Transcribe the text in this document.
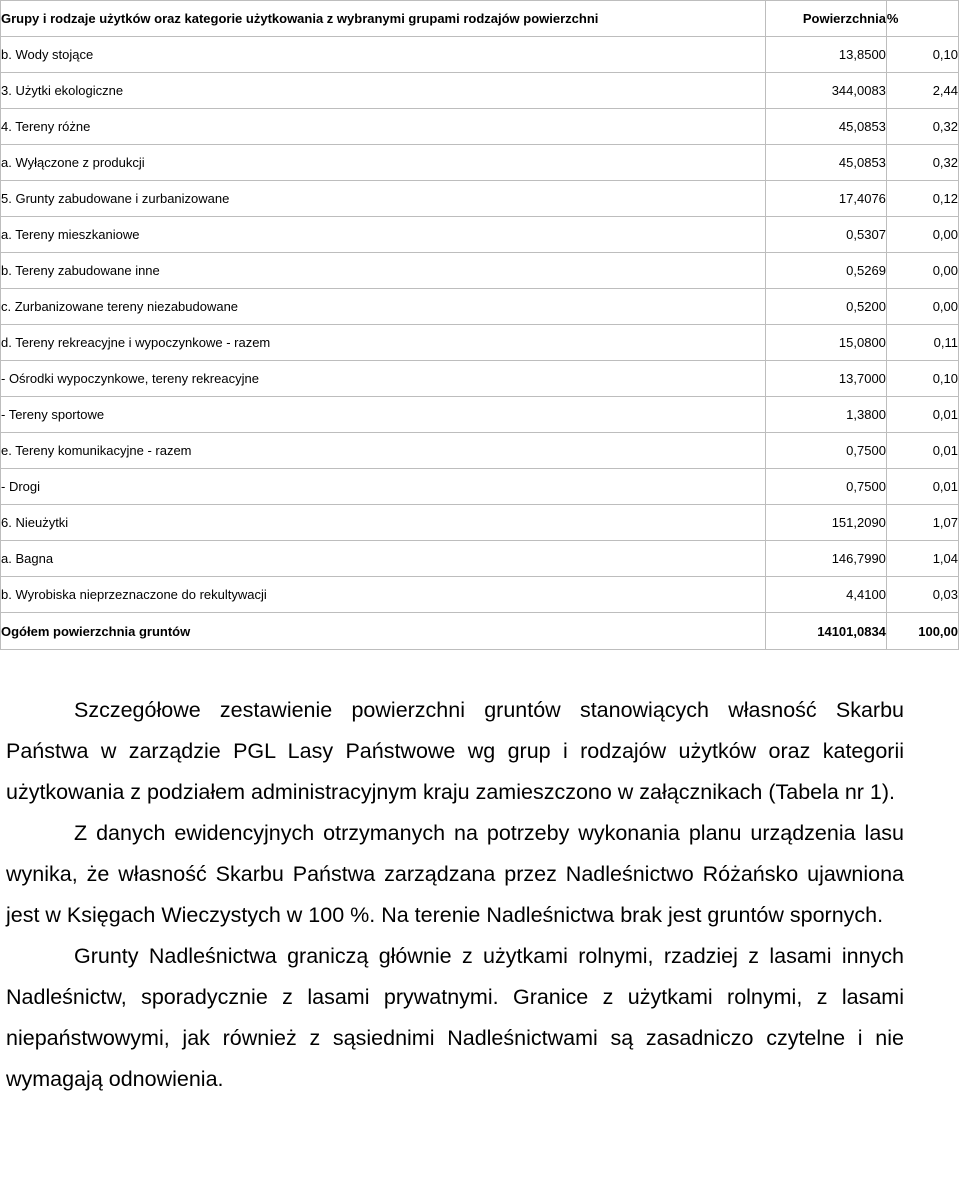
Grupy i rodzaje użytków oraz kategorie użytkowania z wybranymi grupami rodzajów powierzchni	Powierzchnia	%
b. Wody stojące	13,8500	0,10
3. Użytki ekologiczne	344,0083	2,44
4. Tereny różne	45,0853	0,32
a. Wyłączone z produkcji	45,0853	0,32
5. Grunty zabudowane i zurbanizowane	17,4076	0,12
a. Tereny mieszkaniowe	0,5307	0,00
b. Tereny zabudowane inne	0,5269	0,00
c. Zurbanizowane tereny niezabudowane	0,5200	0,00
d. Tereny rekreacyjne i wypoczynkowe - razem	15,0800	0,11
- Ośrodki wypoczynkowe, tereny rekreacyjne	13,7000	0,10
- Tereny sportowe	1,3800	0,01
e. Tereny komunikacyjne - razem	0,7500	0,01
- Drogi	0,7500	0,01
6. Nieużytki	151,2090	1,07
a. Bagna	146,7990	1,04
b. Wyrobiska nieprzeznaczone do rekultywacji	4,4100	0,03
Ogółem powierzchnia gruntów	14101,0834	100,00

Szczegółowe zestawienie powierzchni gruntów stanowiących własność Skarbu Państwa w zarządzie PGL Lasy Państwowe wg grup i rodzajów użytków oraz kategorii użytkowania z podziałem administracyjnym kraju zamieszczono w załącznikach (Tabela nr 1).

Z danych ewidencyjnych otrzymanych na potrzeby wykonania planu urządzenia lasu wynika, że własność Skarbu Państwa zarządzana przez Nadleśnictwo Różańsko ujawniona jest w Księgach Wieczystych w 100 %. Na terenie Nadleśnictwa brak jest gruntów spornych.

Grunty Nadleśnictwa graniczą głównie z użytkami rolnymi, rzadziej z lasami innych Nadleśnictw, sporadycznie z lasami prywatnymi. Granice z użytkami rolnymi, z lasami niepaństwowymi, jak również z sąsiednimi Nadleśnictwami są zasadniczo czytelne i nie wymagają odnowienia.
